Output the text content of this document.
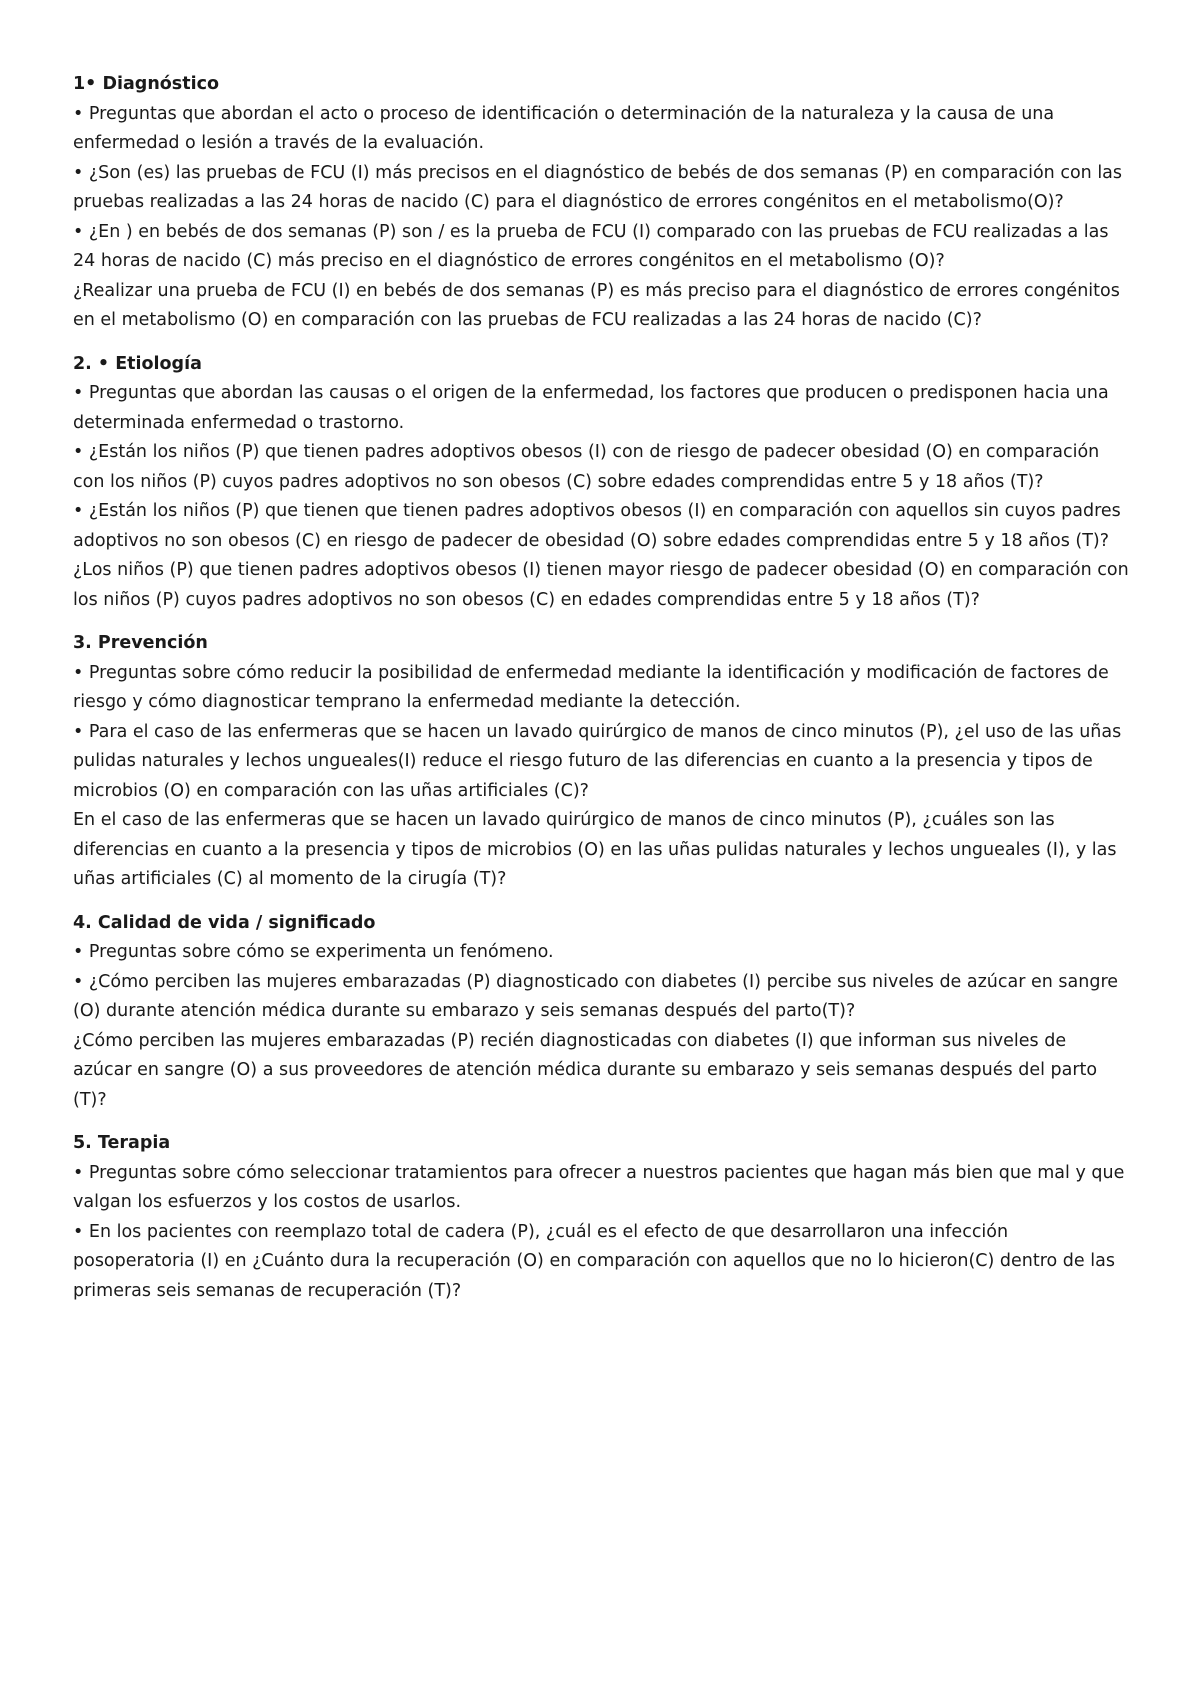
1• Diagnóstico

• Preguntas que abordan el acto o proceso de identificación o determinación de la naturaleza y la causa de una enfermedad o lesión a través de la evaluación.

• ¿Son (es) las pruebas de FCU (I) más precisos en el diagnóstico de bebés de dos semanas (P) en comparación con las pruebas realizadas a las 24 horas de nacido (C) para el diagnóstico de errores congénitos en el metabolismo(O)?

• ¿En ) en bebés de dos semanas (P) son / es la prueba de FCU (I) comparado con las pruebas de FCU realizadas a las 24 horas de nacido (C) más preciso en el diagnóstico de errores congénitos en el metabolismo (O)?

¿Realizar una prueba de FCU (I) en bebés de dos semanas (P) es más preciso para el diagnóstico de errores congénitos en el metabolismo (O) en comparación con las pruebas de FCU realizadas a las 24 horas de nacido (C)?

2. • Etiología

• Preguntas que abordan las causas o el origen de la enfermedad, los factores que producen o predisponen hacia una determinada enfermedad o trastorno.

• ¿Están los niños (P) que tienen padres adoptivos obesos (I) con de riesgo de padecer obesidad (O) en comparación con los niños (P) cuyos padres adoptivos no son obesos (C) sobre edades comprendidas entre 5 y 18 años (T)?

• ¿Están los niños (P) que tienen que tienen padres adoptivos obesos (I) en comparación con aquellos sin cuyos padres adoptivos no son obesos (C) en riesgo de padecer de obesidad (O) sobre edades comprendidas entre 5 y 18 años (T)?

¿Los niños (P) que tienen padres adoptivos obesos (I) tienen mayor riesgo de padecer obesidad (O) en comparación con los niños (P) cuyos padres adoptivos no son obesos (C) en edades comprendidas entre 5 y 18 años (T)?

3. Prevención

• Preguntas sobre cómo reducir la posibilidad de enfermedad mediante la identificación y modificación de factores de riesgo y cómo diagnosticar temprano la enfermedad mediante la detección.

• Para el caso de las enfermeras que se hacen un lavado quirúrgico de manos de cinco minutos (P), ¿el uso de las uñas pulidas naturales y lechos ungueales(I) reduce el riesgo futuro de las diferencias en cuanto a la presencia y tipos de microbios (O) en comparación con las uñas artificiales (C)?

En el caso de las enfermeras que se hacen un lavado quirúrgico de manos de cinco minutos (P), ¿cuáles son las diferencias en cuanto a la presencia y tipos de microbios (O) en las uñas pulidas naturales y lechos ungueales (I), y las uñas artificiales (C) al momento de la cirugía (T)?

4. Calidad de vida / significado

• Preguntas sobre cómo se experimenta un fenómeno.

• ¿Cómo perciben las mujeres embarazadas (P) diagnosticado con diabetes (I) percibe sus niveles de azúcar en sangre (O) durante atención médica durante su embarazo y seis semanas después del parto(T)?

¿Cómo perciben las mujeres embarazadas (P) recién diagnosticadas con diabetes (I) que informan sus niveles de azúcar en sangre (O) a sus proveedores de atención médica durante su embarazo y seis semanas después del parto (T)?

5. Terapia

• Preguntas sobre cómo seleccionar tratamientos para ofrecer a nuestros pacientes que hagan más bien que mal y que valgan los esfuerzos y los costos de usarlos.

• En los pacientes con reemplazo total de cadera (P), ¿cuál es el efecto de que desarrollaron una infección posoperatoria (I) en ¿Cuánto dura la recuperación (O) en comparación con aquellos que no lo hicieron(C) dentro de las primeras seis semanas de recuperación (T)?
